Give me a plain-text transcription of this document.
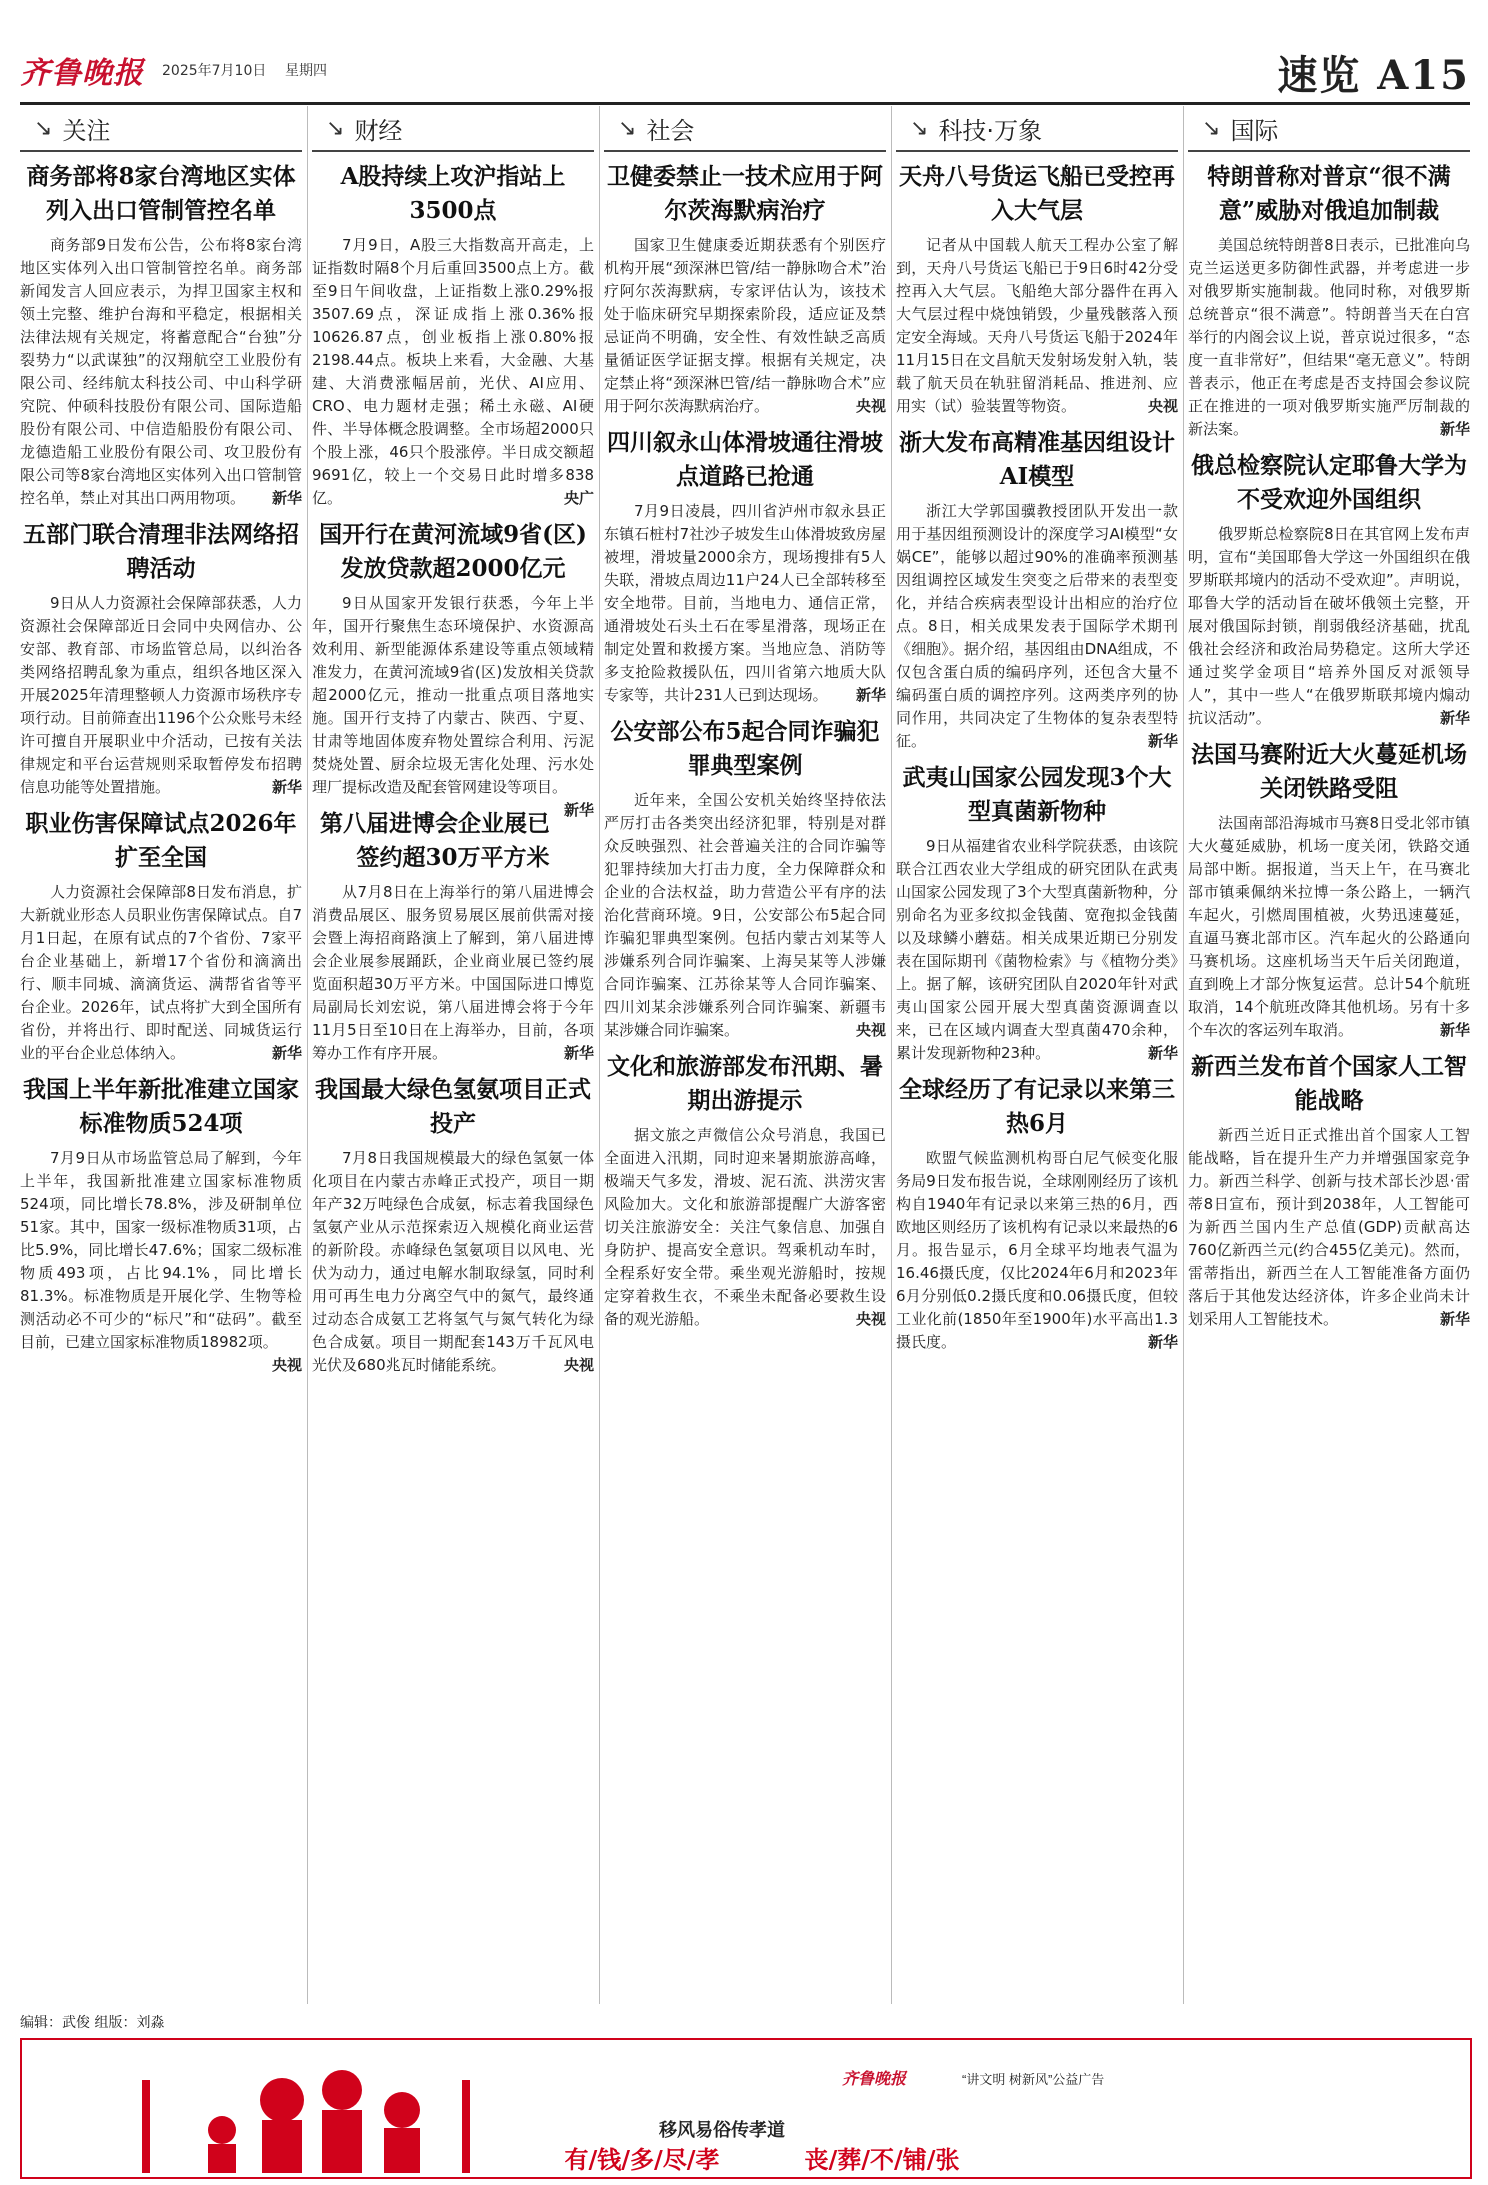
齐鲁晚报 2025年7月10日 星期四	速览 A15
↘ 关注
商务部将8家台湾地区实体列入出口管制管控名单
商务部9日发布公告，公布将8家台湾地区实体列入出口管制管控名单。商务部新闻发言人回应表示，为捍卫国家主权和领土完整、维护台海和平稳定，根据相关法律法规有关规定，将蓄意配合“台独”分裂势力“以武谋独”的汉翔航空工业股份有限公司、经纬航太科技公司、中山科学研究院、仲硕科技股份有限公司、国际造船股份有限公司、中信造船股份有限公司、龙德造船工业股份有限公司、攻卫股份有限公司等8家台湾地区实体列入出口管制管控名单，禁止对其出口两用物项。 新华
五部门联合清理非法网络招聘活动
9日从人力资源社会保障部获悉，人力资源社会保障部近日会同中央网信办、公安部、教育部、市场监管总局，以纠治各类网络招聘乱象为重点，组织各地区深入开展2025年清理整顿人力资源市场秩序专项行动。目前筛查出1196个公众账号未经许可擅自开展职业中介活动，已按有关法律规定和平台运营规则采取暂停发布招聘信息功能等处置措施。	新华
职业伤害保障试点2026年扩至全国
人力资源社会保障部8日发布消息，扩大新就业形态人员职业伤害保障试点。自7月1日起，在原有试点的7个省份、7家平台企业基础上，新增17个省份和滴滴出行、顺丰同城、滴滴货运、满帮省省等平台企业。2026年，试点将扩大到全国所有省份，并将出行、即时配送、同城货运行业的平台企业总体纳入。	新华
我国上半年新批准建立国家标准物质524项
7月9日从市场监管总局了解到，今年上半年，我国新批准建立国家标准物质524项，同比增长78.8%，涉及研制单位51家。其中，国家一级标准物质31项，占比5.9%，同比增长47.6%；国家二级标准物质493项，占比94.1%，同比增长81.3%。标准物质是开展化学、生物等检测活动必不可少的“标尺”和“砝码”。截至目前，已建立国家标准物质18982项。
央视
↘ 财经
A股持续上攻沪指站上3500点
7月9日，A股三大指数高开高走，上证指数时隔8个月后重回3500点上方。截至9日午间收盘，上证指数上涨0.29%报3507.69点，深证成指上涨0.36%报10626.87点，创业板指上涨0.80%报2198.44点。板块上来看，大金融、大基建、大消费涨幅居前，光伏、AI应用、CRO、电力题材走强；稀土永磁、AI硬件、半导体概念股调整。全市场超2000只个股上涨，46只个股涨停。半日成交额超9691亿，较上一个交易日此时增多838亿。	央广
国开行在黄河流域9省(区)发放贷款超2000亿元
9日从国家开发银行获悉，今年上半年，国开行聚焦生态环境保护、水资源高效利用、新型能源体系建设等重点领域精准发力，在黄河流域9省(区)发放相关贷款超2000亿元，推动一批重点项目落地实施。国开行支持了内蒙古、陕西、宁夏、甘肃等地固体废弃物处置综合利用、污泥焚烧处置、厨余垃圾无害化处理、污水处理厂提标改造及配套管网建设等项目。
新华
第八届进博会企业展已签约超30万平方米
从7月8日在上海举行的第八届进博会消费品展区、服务贸易展区展前供需对接会暨上海招商路演上了解到，第八届进博会企业展参展踊跃，企业商业展已签约展览面积超30万平方米。中国国际进口博览局副局长刘宏说，第八届进博会将于今年11月5日至10日在上海举办，目前，各项筹办工作有序开展。	新华
我国最大绿色氢氨项目正式投产
7月8日我国规模最大的绿色氢氨一体化项目在内蒙古赤峰正式投产，项目一期年产32万吨绿色合成氨，标志着我国绿色氢氨产业从示范探索迈入规模化商业运营的新阶段。赤峰绿色氢氨项目以风电、光伏为动力，通过电解水制取绿氢，同时利用可再生电力分离空气中的氮气，最终通过动态合成氨工艺将氢气与氮气转化为绿色合成氨。项目一期配套143万千瓦风电光伏及680兆瓦时储能系统。	央视
↘ 社会
卫健委禁止一技术应用于阿尔茨海默病治疗
国家卫生健康委近期获悉有个别医疗机构开展“颈深淋巴管/结一静脉吻合术”治疗阿尔茨海默病，专家评估认为，该技术处于临床研究早期探索阶段，适应证及禁忌证尚不明确，安全性、有效性缺乏高质量循证医学证据支撑。根据有关规定，决定禁止将“颈深淋巴管/结一静脉吻合术”应用于阿尔茨海默病治疗。	央视
四川叙永山体滑坡通往滑坡点道路已抢通
7月9日凌晨，四川省泸州市叙永县正东镇石桩村7社沙子坡发生山体滑坡致房屋被埋，滑坡量2000余方，现场搜排有5人失联，滑坡点周边11户24人已全部转移至安全地带。目前，当地电力、通信正常，通滑坡处石头土石在零星滑落，现场正在制定处置和救援方案。当地应急、消防等多支抢险救援队伍，四川省第六地质大队专家等，共计231人已到达现场。 新华
公安部公布5起合同诈骗犯罪典型案例
近年来，全国公安机关始终坚持依法严厉打击各类突出经济犯罪，特别是对群众反映强烈、社会普遍关注的合同诈骗等犯罪持续加大打击力度，全力保障群众和企业的合法权益，助力营造公平有序的法治化营商环境。9日，公安部公布5起合同诈骗犯罪典型案例。包括内蒙古刘某等人涉嫌系列合同诈骗案、上海吴某等人涉嫌合同诈骗案、江苏徐某等人合同诈骗案、四川刘某余涉嫌系列合同诈骗案、新疆韦某涉嫌合同诈骗案。	央视
文化和旅游部发布汛期、暑期出游提示
据文旅之声微信公众号消息，我国已全面进入汛期，同时迎来暑期旅游高峰，极端天气多发，滑坡、泥石流、洪涝灾害风险加大。文化和旅游部提醒广大游客密切关注旅游安全：关注气象信息、加强自身防护、提高安全意识。驾乘机动车时，全程系好安全带。乘坐观光游船时，按规定穿着救生衣，不乘坐未配备必要救生设备的观光游船。	央视
↘ 科技·万象
天舟八号货运飞船已受控再入大气层
记者从中国载人航天工程办公室了解到，天舟八号货运飞船已于9日6时42分受控再入大气层。飞船绝大部分器件在再入大气层过程中烧蚀销毁，少量残骸落入预定安全海域。天舟八号货运飞船于2024年11月15日在文昌航天发射场发射入轨，装载了航天员在轨驻留消耗品、推进剂、应用实（试）验装置等物资。	央视
浙大发布高精准基因组设计AI模型
浙江大学郭国骥教授团队开发出一款用于基因组预测设计的深度学习AI模型“女娲CE”，能够以超过90%的准确率预测基因组调控区域发生突变之后带来的表型变化，并结合疾病表型设计出相应的治疗位点。8日，相关成果发表于国际学术期刊《细胞》。据介绍，基因组由DNA组成，不仅包含蛋白质的编码序列，还包含大量不编码蛋白质的调控序列。这两类序列的协同作用，共同决定了生物体的复杂表型特征。	新华
武夷山国家公园发现3个大型真菌新物种
9日从福建省农业科学院获悉，由该院联合江西农业大学组成的研究团队在武夷山国家公园发现了3个大型真菌新物种，分别命名为亚多纹拟金钱菌、宽孢拟金钱菌以及球鳞小蘑菇。相关成果近期已分别发表在国际期刊《菌物检索》与《植物分类》上。据了解，该研究团队自2020年针对武夷山国家公园开展大型真菌资源调查以来，已在区域内调查大型真菌470余种，累计发现新物种23种。	新华
全球经历了有记录以来第三热6月
欧盟气候监测机构哥白尼气候变化服务局9日发布报告说，全球刚刚经历了该机构自1940年有记录以来第三热的6月，西欧地区则经历了该机构有记录以来最热的6月。报告显示，6月全球平均地表气温为16.46摄氏度，仅比2024年6月和2023年6月分别低0.2摄氏度和0.06摄氏度，但较工业化前(1850年至1900年)水平高出1.3摄氏度。	新华
↘ 国际
特朗普称对普京“很不满意”威胁对俄追加制裁
美国总统特朗普8日表示，已批准向乌克兰运送更多防御性武器，并考虑进一步对俄罗斯实施制裁。他同时称，对俄罗斯总统普京“很不满意”。特朗普当天在白宫举行的内阁会议上说，普京说过很多，“态度一直非常好”，但结果“毫无意义”。特朗普表示，他正在考虑是否支持国会参议院正在推进的一项对俄罗斯实施严厉制裁的新法案。	新华
俄总检察院认定耶鲁大学为不受欢迎外国组织
俄罗斯总检察院8日在其官网上发布声明，宣布“美国耶鲁大学这一外国组织在俄罗斯联邦境内的活动不受欢迎”。声明说，耶鲁大学的活动旨在破坏俄领土完整，开展对俄国际封锁，削弱俄经济基础，扰乱俄社会经济和政治局势稳定。这所大学还通过奖学金项目“培养外国反对派领导人”，其中一些人“在俄罗斯联邦境内煽动抗议活动”。	新华
法国马赛附近大火蔓延机场关闭铁路受阻
法国南部沿海城市马赛8日受北邻市镇大火蔓延威胁，机场一度关闭，铁路交通局部中断。据报道，当天上午，在马赛北部市镇乘佩纳米拉博一条公路上，一辆汽车起火，引燃周围植被，火势迅速蔓延，直逼马赛北部市区。汽车起火的公路通向马赛机场。这座机场当天午后关闭跑道，直到晚上才部分恢复运营。总计54个航班取消，14个航班改降其他机场。另有十多个车次的客运列车取消。	新华
新西兰发布首个国家人工智能战略
新西兰近日正式推出首个国家人工智能战略，旨在提升生产力并增强国家竞争力。新西兰科学、创新与技术部长沙恩·雷蒂8日宣布，预计到2038年，人工智能可为新西兰国内生产总值(GDP)贡献高达760亿新西兰元(约合455亿美元)。然而，雷蒂指出，新西兰在人工智能准备方面仍落后于其他发达经济体，许多企业尚未计划采用人工智能技术。	新华
编辑：武俊 组版：刘淼
“讲文明 树新风”公益广告
齐鲁晚报
移风易俗传孝道
有/钱/多/尽/孝	丧/葬/不/铺/张
